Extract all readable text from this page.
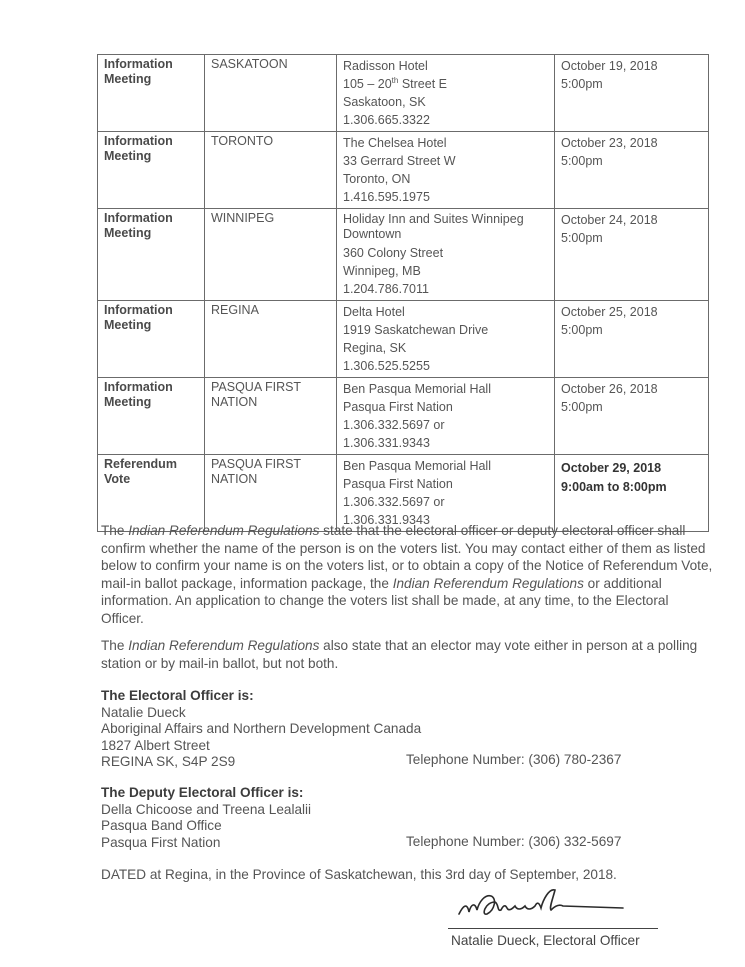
Information Meeting	SASKATOON	Radisson Hotel
105 – 20th Street E
Saskatoon, SK
1.306.665.3322	October 19, 2018
5:00pm

Information Meeting	TORONTO	The Chelsea Hotel
33 Gerrard Street W
Toronto, ON
1.416.595.1975	October 23, 2018
5:00pm

Information Meeting	WINNIPEG	Holiday Inn and Suites Winnipeg Downtown
360 Colony Street
Winnipeg, MB
1.204.786.7011	October 24, 2018
5:00pm

Information Meeting	REGINA	Delta Hotel
1919 Saskatchewan Drive
Regina, SK
1.306.525.5255	October 25, 2018
5:00pm

Information Meeting	PASQUA FIRST NATION	Ben Pasqua Memorial Hall
Pasqua First Nation
1.306.332.5697 or
1.306.331.9343	October 26, 2018
5:00pm

Referendum Vote	PASQUA FIRST NATION	Ben Pasqua Memorial Hall
Pasqua First Nation
1.306.332.5697 or
1.306.331.9343	October 29, 2018
9:00am to 8:00pm
The Indian Referendum Regulations state that the electoral officer or deputy electoral officer shall confirm whether the name of the person is on the voters list. You may contact either of them as listed below to confirm your name is on the voters list, or to obtain a copy of the Notice of Referendum Vote, mail-in ballot package, information package, the Indian Referendum Regulations or additional information. An application to change the voters list shall be made, at any time, to the Electoral Officer.
The Indian Referendum Regulations also state that an elector may vote either in person at a polling station or by mail-in ballot, but not both.
The Electoral Officer is:
Natalie Dueck
Aboriginal Affairs and Northern Development Canada
1827 Albert Street
REGINA SK, S4P 2S9	Telephone Number: (306) 780-2367
The Deputy Electoral Officer is:
Della Chicoose and Treena Lealalii
Pasqua Band Office
Pasqua First Nation	Telephone Number: (306) 332-5697
DATED at Regina, in the Province of Saskatchewan, this 3rd day of September, 2018.
Natalie Dueck, Electoral Officer
